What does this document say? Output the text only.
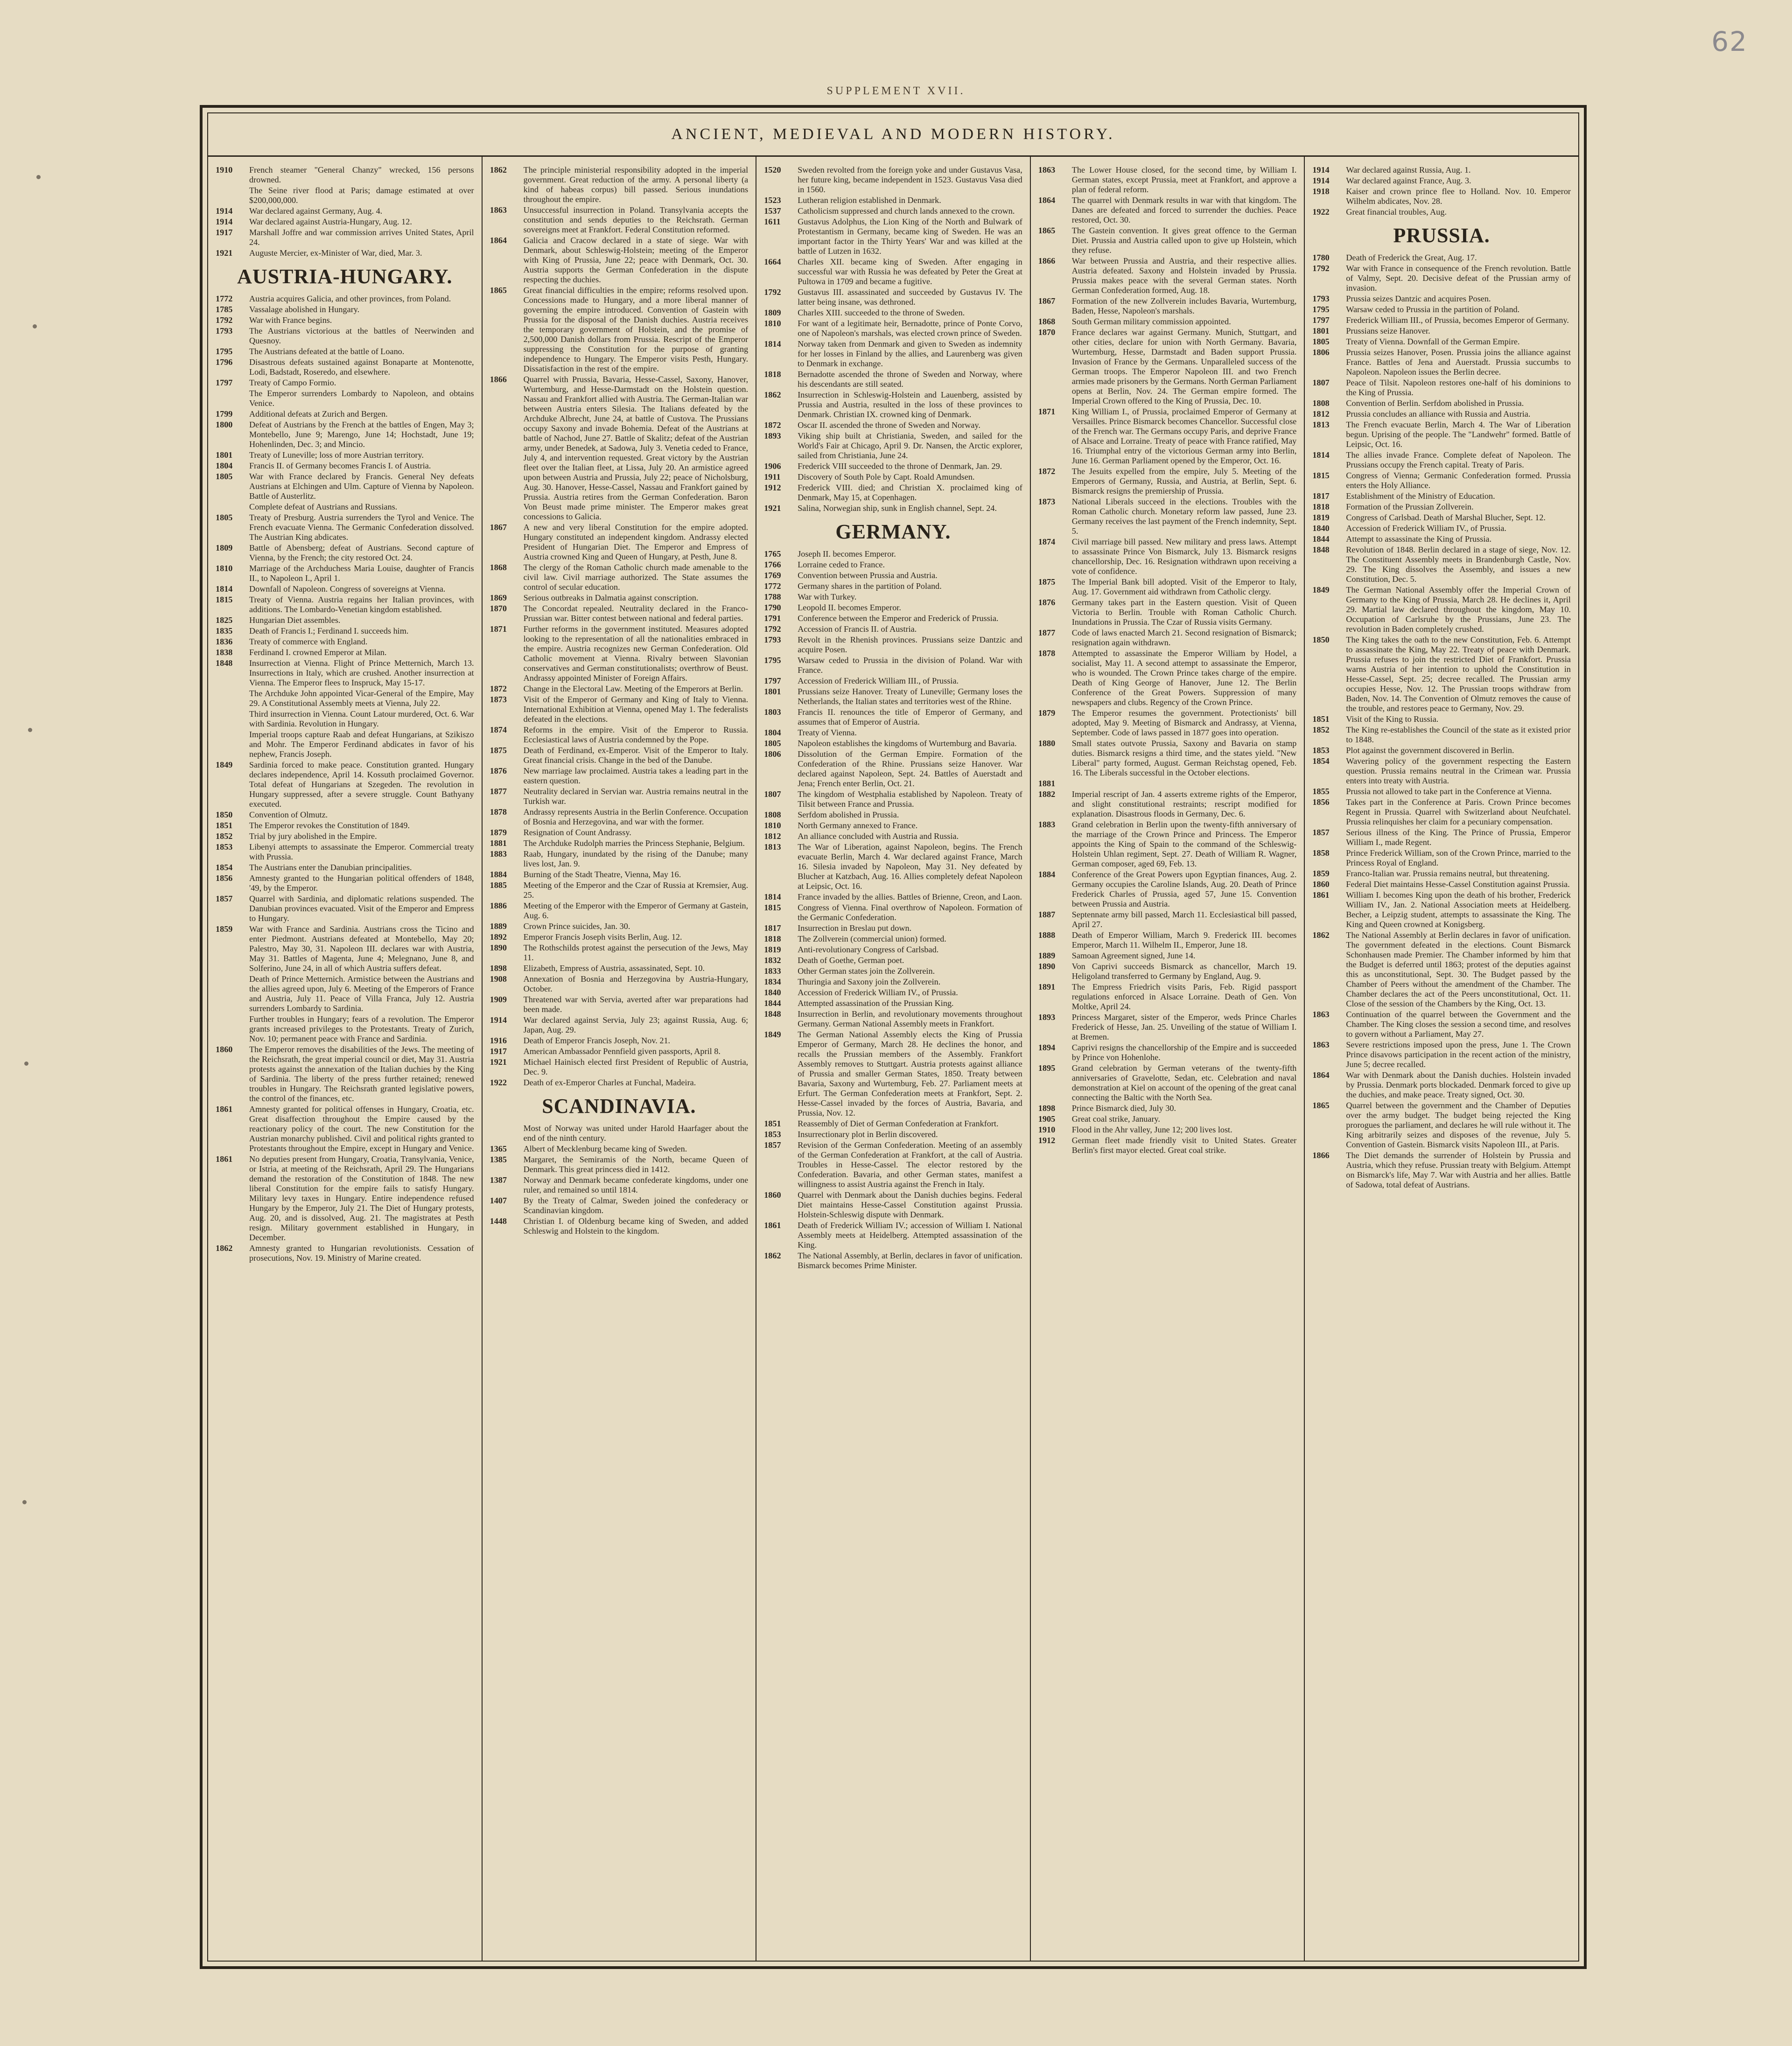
62
SUPPLEMENT XVII.
ANCIENT, MEDIEVAL AND MODERN HISTORY.
1910	French steamer "General Chanzy" wrecked, 156 persons drowned.
The Seine river flood at Paris; damage estimated at over $200,000,000.
1914	War declared against Germany, Aug. 4.
1914	War declared against Austria-Hungary, Aug. 12.
1917	Marshall Joffre and war commission arrives United States, April 24.
1921	Auguste Mercier, ex-Minister of War, died, Mar. 3.
AUSTRIA-HUNGARY.
1772	Austria acquires Galicia, and other provinces, from Poland.
1785	Vassalage abolished in Hungary.
1792	War with France begins.
1793	The Austrians victorious at the battles of Neerwinden and Quesnoy.
1795	The Austrians defeated at the battle of Loano.
1796	Disastrous defeats sustained against Bonaparte at Montenotte, Lodi, Badstadt, Roseredo, and elsewhere.
1797	Treaty of Campo Formio.
The Emperor surrenders Lombardy to Napoleon, and obtains Venice.
1799	Additional defeats at Zurich and Bergen.
1800	Defeat of Austrians by the French at the battles of Engen, May 3; Montebello, June 9; Marengo, June 14; Hochstadt, June 19; Hohenlinden, Dec. 3; and Mincio.
1801	Treaty of Luneville; loss of more Austrian territory.
1804	Francis II. of Germany becomes Francis I. of Austria.
1805	War with France declared by Francis. General Ney defeats Austrians at Elchingen and Ulm. Capture of Vienna by Napoleon. Battle of Austerlitz.
Complete defeat of Austrians and Russians.
1805	Treaty of Presburg. Austria surrenders the Tyrol and Venice. The French evacuate Vienna. The Germanic Confederation dissolved. The Austrian King abdicates.
1809	Battle of Abensberg; defeat of Austrians. Second capture of Vienna, by the French; the city restored Oct. 24.
1810	Marriage of the Archduchess Maria Louise, daughter of Francis II., to Napoleon I., April 1.
1814	Downfall of Napoleon. Congress of sovereigns at Vienna.
1815	Treaty of Vienna. Austria regains her Italian provinces, with additions. The Lombardo-Venetian kingdom established.
1825	Hungarian Diet assembles.
1835	Death of Francis I.; Ferdinand I. succeeds him.
1836	Treaty of commerce with England.
1838	Ferdinand I. crowned Emperor at Milan.
1848	Insurrection at Vienna. Flight of Prince Metternich, March 13. Insurrections in Italy, which are crushed. Another insurrection at Vienna. The Emperor flees to Inspruck, May 15-17.
The Archduke John appointed Vicar-General of the Empire, May 29. A Constitutional Assembly meets at Vienna, July 22.
Third insurrection in Vienna. Count Latour murdered, Oct. 6. War with Sardinia. Revolution in Hungary.
Imperial troops capture Raab and defeat Hungarians, at Szikiszo and Mohr. The Emperor Ferdinand abdicates in favor of his nephew, Francis Joseph.
1849	Sardinia forced to make peace. Constitution granted. Hungary declares independence, April 14. Kossuth proclaimed Governor. Total defeat of Hungarians at Szegeden. The revolution in Hungary suppressed, after a severe struggle. Count Bathyany executed.
1850	Convention of Olmutz.
1851	The Emperor revokes the Constitution of 1849.
1852	Trial by jury abolished in the Empire.
1853	Libenyi attempts to assassinate the Emperor. Commercial treaty with Prussia.
1854	The Austrians enter the Danubian principalities.
1856	Amnesty granted to the Hungarian political offenders of 1848, '49, by the Emperor.
1857	Quarrel with Sardinia, and diplomatic relations suspended. The Danubian provinces evacuated. Visit of the Emperor and Empress to Hungary.
1859	War with France and Sardinia. Austrians cross the Ticino and enter Piedmont. Austrians defeated at Montebello, May 20; Palestro, May 30, 31. Napoleon III. declares war with Austria, May 31. Battles of Magenta, June 4; Melegnano, June 8, and Solferino, June 24, in all of which Austria suffers defeat.
Death of Prince Metternich. Armistice between the Austrians and the allies agreed upon, July 6. Meeting of the Emperors of France and Austria, July 11. Peace of Villa Franca, July 12. Austria surrenders Lombardy to Sardinia.
Further troubles in Hungary; fears of a revolution. The Emperor grants increased privileges to the Protestants. Treaty of Zurich, Nov. 10; permanent peace with France and Sardinia.
1860	The Emperor removes the disabilities of the Jews. The meeting of the Reichsrath, the great imperial council or diet, May 31. Austria protests against the annexation of the Italian duchies by the King of Sardinia. The liberty of the press further retained; renewed troubles in Hungary. The Reichsrath granted legislative powers, the control of the finances, etc.
1861	Amnesty granted for political offenses in Hungary, Croatia, etc. Great disaffection throughout the Empire caused by the reactionary policy of the court. The new Constitution for the Austrian monarchy published. Civil and political rights granted to Protestants throughout the Empire, except in Hungary and Venice.
1861	No deputies present from Hungary, Croatia, Transylvania, Venice, or Istria, at meeting of the Reichsrath, April 29. The Hungarians demand the restoration of the Constitution of 1848. The new liberal Constitution for the empire fails to satisfy Hungary. Military levy taxes in Hungary. Entire independence refused Hungary by the Emperor, July 21. The Diet of Hungary protests, Aug. 20, and is dissolved, Aug. 21. The magistrates at Pesth resign. Military government established in Hungary, in December.
1862	Amnesty granted to Hungarian revolutionists. Cessation of prosecutions, Nov. 19. Ministry of Marine created.
1862	The principle ministerial responsibility adopted in the imperial government. Great reduction of the army. A personal liberty (a kind of habeas corpus) bill passed. Serious inundations throughout the empire.
1863	Unsuccessful insurrection in Poland. Transylvania accepts the constitution and sends deputies to the Reichsrath. German sovereigns meet at Frankfort. Federal Constitution reformed.
1864	Galicia and Cracow declared in a state of siege. War with Denmark, about Schleswig-Holstein; meeting of the Emperor with King of Prussia, June 22; peace with Denmark, Oct. 30. Austria supports the German Confederation in the dispute respecting the duchies.
1865	Great financial difficulties in the empire; reforms resolved upon. Concessions made to Hungary, and a more liberal manner of governing the empire introduced. Convention of Gastein with Prussia for the disposal of the Danish duchies. Austria receives the temporary government of Holstein, and the promise of 2,500,000 Danish dollars from Prussia. Rescript of the Emperor suppressing the Constitution for the purpose of granting independence to Hungary. The Emperor visits Pesth, Hungary. Dissatisfaction in the rest of the empire.
1866	Quarrel with Prussia, Bavaria, Hesse-Cassel, Saxony, Hanover, Wurtemburg, and Hesse-Darmstadt on the Holstein question. Nassau and Frankfort allied with Austria. The German-Italian war between Austria enters Silesia. The Italians defeated by the Archduke Albrecht, June 24, at battle of Custova. The Prussians occupy Saxony and invade Bohemia. Defeat of the Austrians at battle of Nachod, June 27. Battle of Skalitz; defeat of the Austrian army, under Benedek, at Sadowa, July 3. Venetia ceded to France, July 4, and intervention requested. Great victory by the Austrian fleet over the Italian fleet, at Lissa, July 20. An armistice agreed upon between Austria and Prussia, July 22; peace of Nicholsburg, Aug. 30. Hanover, Hesse-Cassel, Nassau and Frankfort gained by Prussia. Austria retires from the German Confederation. Baron Von Beust made prime minister. The Emperor makes great concessions to Galicia.
1867	A new and very liberal Constitution for the empire adopted. Hungary constituted an independent kingdom. Andrassy elected President of Hungarian Diet. The Emperor and Empress of Austria crowned King and Queen of Hungary, at Pesth, June 8.
1868	The clergy of the Roman Catholic church made amenable to the civil law. Civil marriage authorized. The State assumes the control of secular education.
1869	Serious outbreaks in Dalmatia against conscription.
1870	The Concordat repealed. Neutrality declared in the Franco-Prussian war. Bitter contest between national and federal parties.
1871	Further reforms in the government instituted. Measures adopted looking to the representation of all the nationalities embraced in the empire. Austria recognizes new German Confederation. Old Catholic movement at Vienna. Rivalry between Slavonian conservatives and German constitutionalists; overthrow of Beust. Andrassy appointed Minister of Foreign Affairs.
1872	Change in the Electoral Law. Meeting of the Emperors at Berlin.
1873	Visit of the Emperor of Germany and King of Italy to Vienna. International Exhibition at Vienna, opened May 1. The federalists defeated in the elections.
1874	Reforms in the empire. Visit of the Emperor to Russia. Ecclesiastical laws of Austria condemned by the Pope.
1875	Death of Ferdinand, ex-Emperor. Visit of the Emperor to Italy. Great financial crisis. Change in the bed of the Danube.
1876	New marriage law proclaimed. Austria takes a leading part in the eastern question.
1877	Neutrality declared in Servian war. Austria remains neutral in the Turkish war.
1878	Andrassy represents Austria in the Berlin Conference. Occupation of Bosnia and Herzegovina, and war with the former.
1879	Resignation of Count Andrassy.
1881	The Archduke Rudolph marries the Princess Stephanie, Belgium.
1883	Raab, Hungary, inundated by the rising of the Danube; many lives lost, Jan. 9.
1884	Burning of the Stadt Theatre, Vienna, May 16.
1885	Meeting of the Emperor and the Czar of Russia at Kremsier, Aug. 25.
1886	Meeting of the Emperor with the Emperor of Germany at Gastein, Aug. 6.
1889	Crown Prince suicides, Jan. 30.
1892	Emperor Francis Joseph visits Berlin, Aug. 12.
1890	The Rothschilds protest against the persecution of the Jews, May 11.
1898	Elizabeth, Empress of Austria, assassinated, Sept. 10.
1908	Annexation of Bosnia and Herzegovina by Austria-Hungary, October.
1909	Threatened war with Servia, averted after war preparations had been made.
1914	War declared against Servia, July 23; against Russia, Aug. 6; Japan, Aug. 29.
1916	Death of Emperor Francis Joseph, Nov. 21.
1917	American Ambassador Pennfield given passports, April 8.
1921	Michael Hainisch elected first President of Republic of Austria, Dec. 9.
1922	Death of ex-Emperor Charles at Funchal, Madeira.
SCANDINAVIA.
Most of Norway was united under Harold Haarfager about the end of the ninth century.
1365	Albert of Mecklenburg became king of Sweden.
1385	Margaret, the Semiramis of the North, became Queen of Denmark. This great princess died in 1412.
1387	Norway and Denmark became confederate kingdoms, under one ruler, and remained so until 1814.
1407	By the Treaty of Calmar, Sweden joined the confederacy or Scandinavian kingdom.
1448	Christian I. of Oldenburg became king of Sweden, and added Schleswig and Holstein to the kingdom.
1520	Sweden revolted from the foreign yoke and under Gustavus Vasa, her future king, became independent in 1523. Gustavus Vasa died in 1560.
1523	Lutheran religion established in Denmark.
1537	Catholicism suppressed and church lands annexed to the crown.
1611	Gustavus Adolphus, the Lion King of the North and Bulwark of Protestantism in Germany, became king of Sweden. He was an important factor in the Thirty Years' War and was killed at the battle of Lutzen in 1632.
1664	Charles XII. became king of Sweden. After engaging in successful war with Russia he was defeated by Peter the Great at Pultowa in 1709 and became a fugitive.
1792	Gustavus III. assassinated and succeeded by Gustavus IV. The latter being insane, was dethroned.
1809	Charles XIII. succeeded to the throne of Sweden.
1810	For want of a legitimate heir, Bernadotte, prince of Ponte Corvo, one of Napoleon's marshals, was elected crown prince of Sweden.
1814	Norway taken from Denmark and given to Sweden as indemnity for her losses in Finland by the allies, and Laurenberg was given to Denmark in exchange.
1818	Bernadotte ascended the throne of Sweden and Norway, where his descendants are still seated.
1862	Insurrection in Schleswig-Holstein and Lauenberg, assisted by Prussia and Austria, resulted in the loss of these provinces to Denmark. Christian IX. crowned king of Denmark.
1872	Oscar II. ascended the throne of Sweden and Norway.
1893	Viking ship built at Christiania, Sweden, and sailed for the World's Fair at Chicago, April 9. Dr. Nansen, the Arctic explorer, sailed from Christiania, June 24.
1906	Frederick VIII succeeded to the throne of Denmark, Jan. 29.
1911	Discovery of South Pole by Capt. Roald Amundsen.
1912	Frederick VIII. died; and Christian X. proclaimed king of Denmark, May 15, at Copenhagen.
1921	Salina, Norwegian ship, sunk in English channel, Sept. 24.
GERMANY.
1765	Joseph II. becomes Emperor.
1766	Lorraine ceded to France.
1769	Convention between Prussia and Austria.
1772	Germany shares in the partition of Poland.
1788	War with Turkey.
1790	Leopold II. becomes Emperor.
1791	Conference between the Emperor and Frederick of Prussia.
1792	Accession of Francis II. of Austria.
1793	Revolt in the Rhenish provinces. Prussians seize Dantzic and acquire Posen.
1795	Warsaw ceded to Prussia in the division of Poland. War with France.
1797	Accession of Frederick William III., of Prussia.
1801	Prussians seize Hanover. Treaty of Luneville; Germany loses the Netherlands, the Italian states and territories west of the Rhine.
1803	Francis II. renounces the title of Emperor of Germany, and assumes that of Emperor of Austria.
1804	Treaty of Vienna.
1805	Napoleon establishes the kingdoms of Wurtemburg and Bavaria.
1806	Dissolution of the German Empire. Formation of the Confederation of the Rhine. Prussians seize Hanover. War declared against Napoleon, Sept. 24. Battles of Auerstadt and Jena; French enter Berlin, Oct. 21.
1807	The kingdom of Westphalia established by Napoleon. Treaty of Tilsit between France and Prussia.
1808	Serfdom abolished in Prussia.
1810	North Germany annexed to France.
1812	An alliance concluded with Austria and Russia.
1813	The War of Liberation, against Napoleon, begins. The French evacuate Berlin, March 4. War declared against France, March 16. Silesia invaded by Napoleon, May 31. Ney defeated by Blucher at Katzbach, Aug. 16. Allies completely defeat Napoleon at Leipsic, Oct. 16.
1814	France invaded by the allies. Battles of Brienne, Creon, and Laon.
1815	Congress of Vienna. Final overthrow of Napoleon. Formation of the Germanic Confederation.
1817	Insurrection in Breslau put down.
1818	The Zollverein (commercial union) formed.
1819	Anti-revolutionary Congress of Carlsbad.
1832	Death of Goethe, German poet.
1833	Other German states join the Zollverein.
1834	Thuringia and Saxony join the Zollverein.
1840	Accession of Frederick William IV., of Prussia.
1844	Attempted assassination of the Prussian King.
1848	Insurrection in Berlin, and revolutionary movements throughout Germany. German National Assembly meets in Frankfort.
1849	The German National Assembly elects the King of Prussia Emperor of Germany, March 28. He declines the honor, and recalls the Prussian members of the Assembly. Frankfort Assembly removes to Stuttgart. Austria protests against alliance of Prussia and smaller German States, 1850. Treaty between Bavaria, Saxony and Wurtemburg, Feb. 27. Parliament meets at Erfurt. The German Confederation meets at Frankfort, Sept. 2. Hesse-Cassel invaded by the forces of Austria, Bavaria, and Prussia, Nov. 12.
1851	Reassembly of Diet of German Confederation at Frankfort.
1853	Insurrectionary plot in Berlin discovered.
1857	Revision of the German Confederation. Meeting of an assembly of the German Confederation at Frankfort, at the call of Austria. Troubles in Hesse-Cassel. The elector restored by the Confederation. Bavaria, and other German states, manifest a willingness to assist Austria against the French in Italy.
1860	Quarrel with Denmark about the Danish duchies begins. Federal Diet maintains Hesse-Cassel Constitution against Prussia. Holstein-Schleswig dispute with Denmark.
1861	Death of Frederick William IV.; accession of William I. National Assembly meets at Heidelberg. Attempted assassination of the King.
1862	The National Assembly, at Berlin, declares in favor of unification. Bismarck becomes Prime Minister.
1863	The Lower House closed, for the second time, by William I. German states, except Prussia, meet at Frankfort, and approve a plan of federal reform.
1864	The quarrel with Denmark results in war with that kingdom. The Danes are defeated and forced to surrender the duchies. Peace restored, Oct. 30.
1865	The Gastein convention. It gives great offence to the German Diet. Prussia and Austria called upon to give up Holstein, which they refuse.
1866	War between Prussia and Austria, and their respective allies. Austria defeated. Saxony and Holstein invaded by Prussia. Prussia makes peace with the several German states. North German Confederation formed, Aug. 18.
1867	Formation of the new Zollverein includes Bavaria, Wurtemburg, Baden, Hesse, Napoleon's marshals.
1868	South German military commission appointed.
1870	France declares war against Germany. Munich, Stuttgart, and other cities, declare for union with North Germany. Bavaria, Wurtemburg, Hesse, Darmstadt and Baden support Prussia. Invasion of France by the Germans. Unparalleled success of the German troops. The Emperor Napoleon III. and two French armies made prisoners by the Germans. North German Parliament opens at Berlin, Nov. 24. The German empire formed. The Imperial Crown offered to the King of Prussia, Dec. 10.
1871	King William I., of Prussia, proclaimed Emperor of Germany at Versailles. Prince Bismarck becomes Chancellor. Successful close of the French war. The Germans occupy Paris, and deprive France of Alsace and Lorraine. Treaty of peace with France ratified, May 16. Triumphal entry of the victorious German army into Berlin, June 16. German Parliament opened by the Emperor, Oct. 16.
1872	The Jesuits expelled from the empire, July 5. Meeting of the Emperors of Germany, Russia, and Austria, at Berlin, Sept. 6. Bismarck resigns the premiership of Prussia.
1873	National Liberals succeed in the elections. Troubles with the Roman Catholic church. Monetary reform law passed, June 23. Germany receives the last payment of the French indemnity, Sept. 5.
1874	Civil marriage bill passed. New military and press laws. Attempt to assassinate Prince Von Bismarck, July 13. Bismarck resigns chancellorship, Dec. 16. Resignation withdrawn upon receiving a vote of confidence.
1875	The Imperial Bank bill adopted. Visit of the Emperor to Italy, Aug. 17. Government aid withdrawn from Catholic clergy.
1876	Germany takes part in the Eastern question. Visit of Queen Victoria to Berlin. Trouble with Roman Catholic Church. Inundations in Prussia. The Czar of Russia visits Germany.
1877	Code of laws enacted March 21. Second resignation of Bismarck; resignation again withdrawn.
1878	Attempted to assassinate the Emperor William by Hodel, a socialist, May 11. A second attempt to assassinate the Emperor, who is wounded. The Crown Prince takes charge of the empire. Death of King George of Hanover, June 12. The Berlin Conference of the Great Powers. Suppression of many newspapers and clubs. Regency of the Crown Prince.
1879	The Emperor resumes the government. Protectionists' bill adopted, May 9. Meeting of Bismarck and Andrassy, at Vienna, September. Code of laws passed in 1877 goes into operation.
1880	Small states outvote Prussia, Saxony and Bavaria on stamp duties. Bismarck resigns a third time, and the states yield. "New Liberal" party formed, August. German Reichstag opened, Feb. 16. The Liberals successful in the October elections.
1881
1882	Imperial rescript of Jan. 4 asserts extreme rights of the Emperor, and slight constitutional restraints; rescript modified for explanation. Disastrous floods in Germany, Dec. 6.
1883	Grand celebration in Berlin upon the twenty-fifth anniversary of the marriage of the Crown Prince and Princess. The Emperor appoints the King of Spain to the command of the Schleswig-Holstein Uhlan regiment, Sept. 27. Death of William R. Wagner, German composer, aged 69, Feb. 13.
1884	Conference of the Great Powers upon Egyptian finances, Aug. 2. Germany occupies the Caroline Islands, Aug. 20. Death of Prince Frederick Charles of Prussia, aged 57, June 15. Convention between Prussia and Austria.
1887	Septennate army bill passed, March 11. Ecclesiastical bill passed, April 27.
1888	Death of Emperor William, March 9. Frederick III. becomes Emperor, March 11. Wilhelm II., Emperor, June 18.
1889	Samoan Agreement signed, June 14.
1890	Von Caprivi succeeds Bismarck as chancellor, March 19. Heligoland transferred to Germany by England, Aug. 9.
1891	The Empress Friedrich visits Paris, Feb. Rigid passport regulations enforced in Alsace Lorraine. Death of Gen. Von Moltke, April 24.
1893	Princess Margaret, sister of the Emperor, weds Prince Charles Frederick of Hesse, Jan. 25. Unveiling of the statue of William I. at Bremen.
1894	Caprivi resigns the chancellorship of the Empire and is succeeded by Prince von Hohenlohe.
1895	Grand celebration by German veterans of the twenty-fifth anniversaries of Gravelotte, Sedan, etc. Celebration and naval demonstration at Kiel on account of the opening of the great canal connecting the Baltic with the North Sea.
1898	Prince Bismarck died, July 30.
1905	Great coal strike, January.
1910	Flood in the Ahr valley, June 12; 200 lives lost.
1912	German fleet made friendly visit to United States. Greater Berlin's first mayor elected. Great coal strike.
1914	War declared against Russia, Aug. 1.
1914	War declared against France, Aug. 3.
1918	Kaiser and crown prince flee to Holland. Nov. 10. Emperor Wilhelm abdicates, Nov. 28.
1922	Great financial troubles, Aug.
PRUSSIA.
1780	Death of Frederick the Great, Aug. 17.
1792	War with France in consequence of the French revolution. Battle of Valmy, Sept. 20. Decisive defeat of the Prussian army of invasion.
1793	Prussia seizes Dantzic and acquires Posen.
1795	Warsaw ceded to Prussia in the partition of Poland.
1797	Frederick William III., of Prussia, becomes Emperor of Germany.
1801	Prussians seize Hanover.
1805	Treaty of Vienna. Downfall of the German Empire.
1806	Prussia seizes Hanover, Posen. Prussia joins the alliance against France. Battles of Jena and Auerstadt. Prussia succumbs to Napoleon. Napoleon issues the Berlin decree.
1807	Peace of Tilsit. Napoleon restores one-half of his dominions to the King of Prussia.
1808	Convention of Berlin. Serfdom abolished in Prussia.
1812	Prussia concludes an alliance with Russia and Austria.
1813	The French evacuate Berlin, March 4. The War of Liberation begun. Uprising of the people. The "Landwehr" formed. Battle of Leipsic, Oct. 16.
1814	The allies invade France. Complete defeat of Napoleon. The Prussians occupy the French capital. Treaty of Paris.
1815	Congress of Vienna; Germanic Confederation formed. Prussia enters the Holy Alliance.
1817	Establishment of the Ministry of Education.
1818	Formation of the Prussian Zollverein.
1819	Congress of Carlsbad. Death of Marshal Blucher, Sept. 12.
1840	Accession of Frederick William IV., of Prussia.
1844	Attempt to assassinate the King of Prussia.
1848	Revolution of 1848. Berlin declared in a stage of siege, Nov. 12. The Constituent Assembly meets in Brandenburgh Castle, Nov. 29. The King dissolves the Assembly, and issues a new Constitution, Dec. 5.
1849	The German National Assembly offer the Imperial Crown of Germany to the King of Prussia, March 28. He declines it, April 29. Martial law declared throughout the kingdom, May 10. Occupation of Carlsruhe by the Prussians, June 23. The revolution in Baden completely crushed.
1850	The King takes the oath to the new Constitution, Feb. 6. Attempt to assassinate the King, May 22. Treaty of peace with Denmark. Prussia refuses to join the restricted Diet of Frankfort. Prussia warns Austria of her intention to uphold the Constitution in Hesse-Cassel, Sept. 25; decree recalled. The Prussian army occupies Hesse, Nov. 12. The Prussian troops withdraw from Baden, Nov. 14. The Convention of Olmutz removes the cause of the trouble, and restores peace to Germany, Nov. 29.
1851	Visit of the King to Russia.
1852	The King re-establishes the Council of the state as it existed prior to 1848.
1853	Plot against the government discovered in Berlin.
1854	Wavering policy of the government respecting the Eastern question. Prussia remains neutral in the Crimean war. Prussia enters into treaty with Austria.
1855	Prussia not allowed to take part in the Conference at Vienna.
1856	Takes part in the Conference at Paris. Crown Prince becomes Regent in Prussia. Quarrel with Switzerland about Neufchatel. Prussia relinquishes her claim for a pecuniary compensation.
1857	Serious illness of the King. The Prince of Prussia, Emperor William I., made Regent.
1858	Prince Frederick William, son of the Crown Prince, married to the Princess Royal of England.
1859	Franco-Italian war. Prussia remains neutral, but threatening.
1860	Federal Diet maintains Hesse-Cassel Constitution against Prussia.
1861	William I. becomes King upon the death of his brother, Frederick William IV., Jan. 2. National Association meets at Heidelberg. Becher, a Leipzig student, attempts to assassinate the King. The King and Queen crowned at Konigsberg.
1862	The National Assembly at Berlin declares in favor of unification. The government defeated in the elections. Count Bismarck Schonhausen made Premier. The Chamber informed by him that the Budget is deferred until 1863; protest of the deputies against this as unconstitutional, Sept. 30. The Budget passed by the Chamber of Peers without the amendment of the Chamber. The Chamber declares the act of the Peers unconstitutional, Oct. 11. Close of the session of the Chambers by the King, Oct. 13.
1863	Continuation of the quarrel between the Government and the Chamber. The King closes the session a second time, and resolves to govern without a Parliament, May 27.
1863	Severe restrictions imposed upon the press, June 1. The Crown Prince disavows participation in the recent action of the ministry, June 5; decree recalled.
1864	War with Denmark about the Danish duchies. Holstein invaded by Prussia. Denmark ports blockaded. Denmark forced to give up the duchies, and make peace. Treaty signed, Oct. 30.
1865	Quarrel between the government and the Chamber of Deputies over the army budget. The budget being rejected the King prorogues the parliament, and declares he will rule without it. The King arbitrarily seizes and disposes of the revenue, July 5. Convention of Gastein. Bismarck visits Napoleon III., at Paris.
1866	The Diet demands the surrender of Holstein by Prussia and Austria, which they refuse. Prussian treaty with Belgium. Attempt on Bismarck's life, May 7. War with Austria and her allies. Battle of Sadowa, total defeat of Austrians.
